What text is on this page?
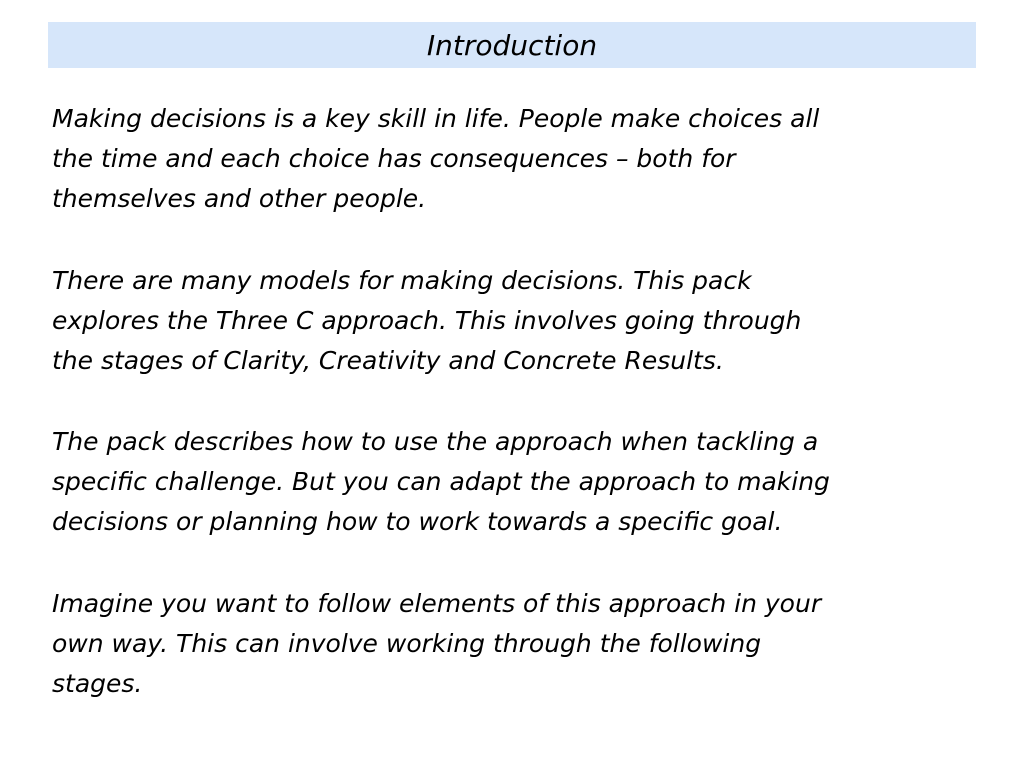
Introduction
Making decisions is a key skill in life. People make choices all
the time and each choice has consequences – both for
themselves and other people.
There are many models for making decisions. This pack
explores the Three C approach. This involves going through
the stages of Clarity, Creativity and Concrete Results.
The pack describes how to use the approach when tackling a
specific challenge. But you can adapt the approach to making
decisions or planning how to work towards a specific goal.
Imagine you want to follow elements of this approach in your
own way. This can involve working through the following
stages.
